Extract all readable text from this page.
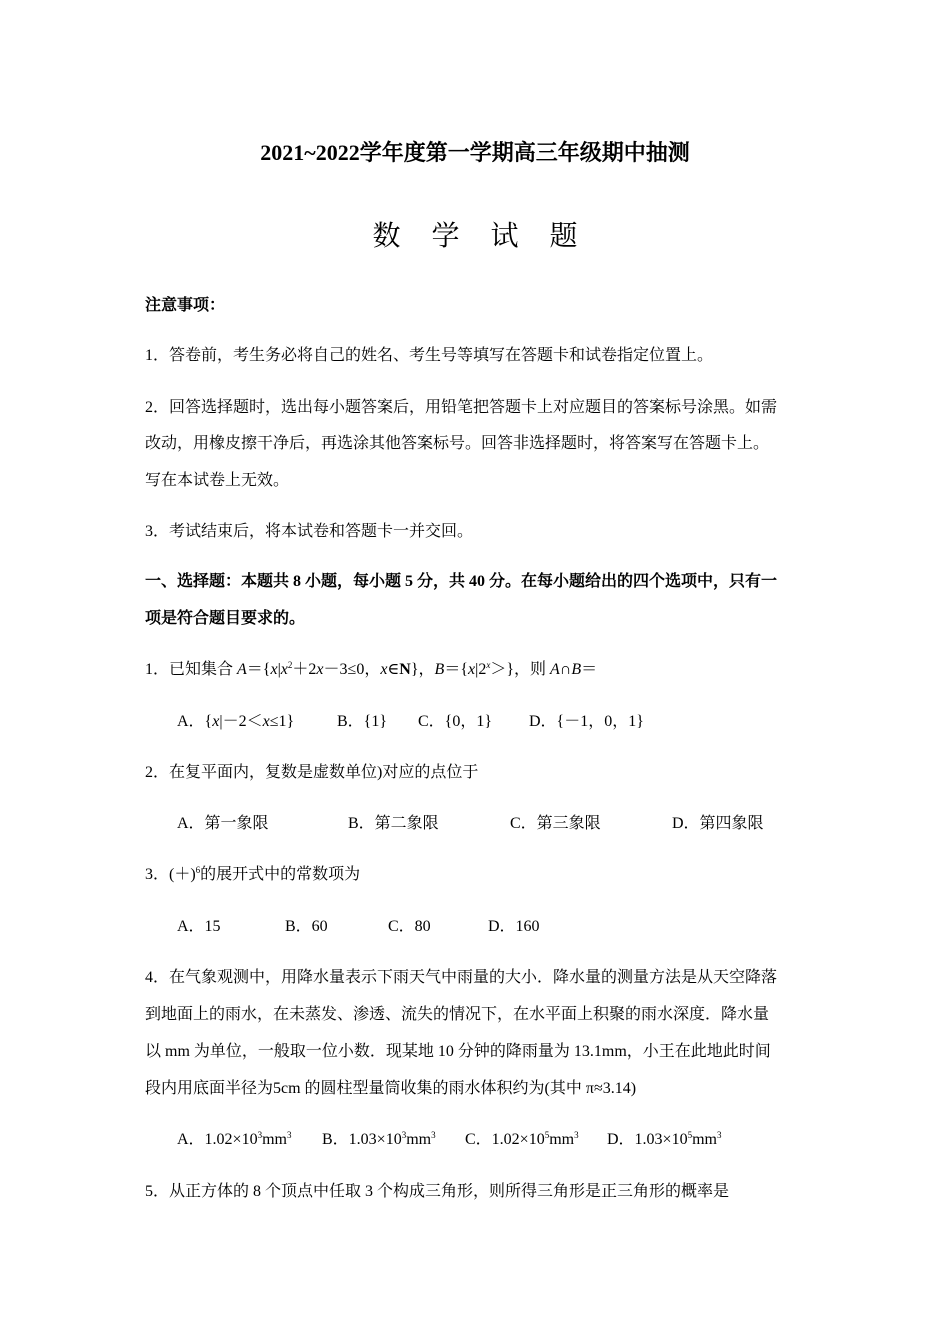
2021~2022学年度第一学期高三年级期中抽测
数 学 试 题
注意事项：
1．答卷前，考生务必将自己的姓名、考生号等填写在答题卡和试卷指定位置上。
2．回答选择题时，选出每小题答案后，用铅笔把答题卡上对应题目的答案标号涂黑。如需
改动，用橡皮擦干净后，再选涂其他答案标号。回答非选择题时，将答案写在答题卡上。
写在本试卷上无效。
3．考试结束后，将本试卷和答题卡一并交回。
一、选择题：本题共 8 小题，每小题 5 分，共 40 分。在每小题给出的四个选项中，只有一
项是符合题目要求的。
1．已知集合 $A=\{x|x^2+2x-3\le 0$，x∈N}，$B=\{x|2^x>\}$，则 A∩B＝
A．{x|－2＜x≤1}	B．{1} C．{0，1} D．{－1，0，1}
2．在复平面内，复数是虚数单位)对应的点位于
A．第一象限	B．第二象限	C．第三象限	D．第四象限
3．$(+)^6$的展开式中的常数项为
A．15	B．60	C．80	D．160
4．在气象观测中，用降水量表示下雨天气中雨量的大小．降水量的测量方法是从天空降落
到地面上的雨水，在未蒸发、渗透、流失的情况下，在水平面上积聚的雨水深度．降水量
以 mm 为单位，一般取一位小数．现某地 10 分钟的降雨量为 13.1mm，小王在此地此时间
段内用底面半径为5cm 的圆柱型量筒收集的雨水体积约为(其中 π≈3.14)
A．$1.02\times 10^3mm^3$ B．$1.03\times 10^3mm^3$ C．$1.02\times 10^5mm^3$ D．$1.03\times 10^5mm^3$
5．从正方体的 8 个顶点中任取 3 个构成三角形，则所得三角形是正三角形的概率是
